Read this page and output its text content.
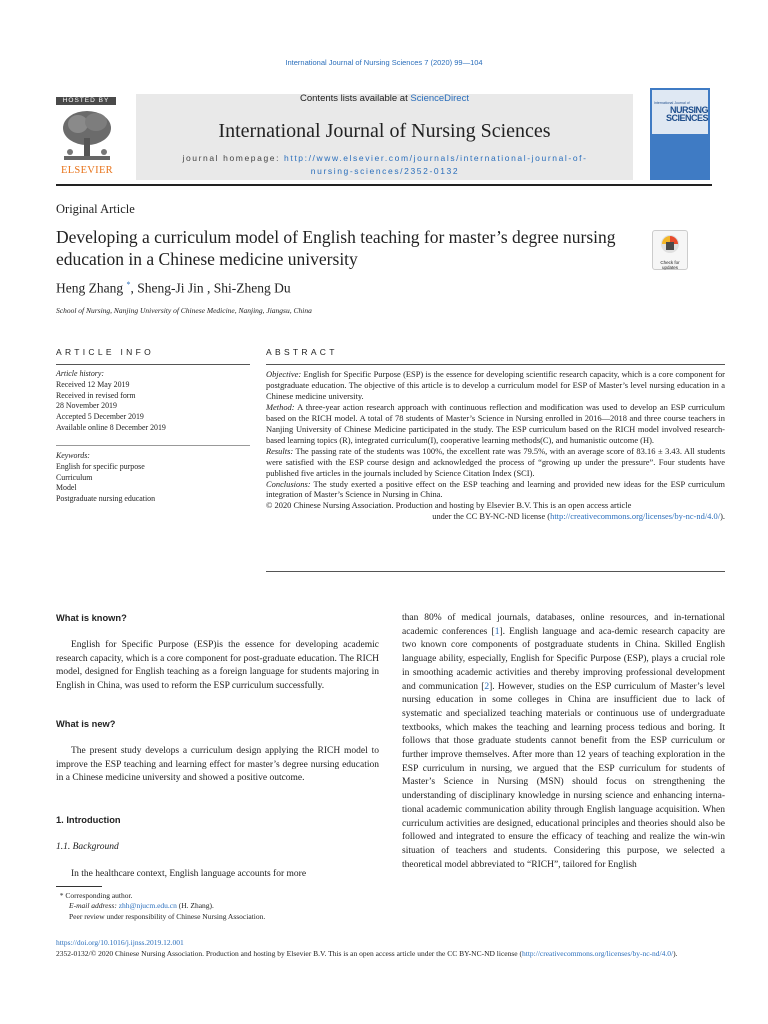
International Journal of Nursing Sciences 7 (2020) 99—104
HOSTED BY
ELSEVIER
Contents lists available at ScienceDirect
International Journal of Nursing Sciences
journal homepage: http://www.elsevier.com/journals/international-journal-of-
nursing-sciences/2352-0132
International Journal of
NURSING
SCIENCES
Original Article
Developing a curriculum model of English teaching for master’s degree nursing education in a Chinese medicine university	Check for updates
Heng Zhang *, Sheng-Ji Jin , Shi-Zheng Du
School of Nursing, Nanjing University of Chinese Medicine, Nanjing, Jiangsu, China
ARTICLE INFO	ABSTRACT
Article history:
Received 12 May 2019
Received in revised form
28 November 2019
Accepted 5 December 2019
Available online 8 December 2019
Keywords:
English for specific purpose
Curriculum
Model
Postgraduate nursing education

Objective: English for Specific Purpose (ESP) is the essence for developing scientific research capacity, which is a core component for postgraduate education. The objective of this article is to develop a curriculum model for ESP of Master’s level nursing education in a Chinese medicine university.

Method: A three-year action research approach with continuous reflection and modification was used to develop an ESP curriculum based on the RICH model. A total of 78 students of Master’s Science in Nursing enrolled in 2016—2018 and three course teachers in Nanjing University of Chinese Medicine participated in the study. The ESP curriculum based on the RICH model involved research-based learning topics (R), integrated curriculum(I), cooperative learning methods(C), and humanistic outcome (H).

Results: The passing rate of the students was 100%, the excellent rate was 79.5%, with an average score of 83.16 ± 3.43. All students were satisfied with the ESP course design and acknowledged the process of “growing up under the pressure”. Four students have published five articles in the journals included by Science Citation Index (SCI).

Conclusions: The study exerted a positive effect on the ESP teaching and learning and provided new ideas for the ESP curriculum integration of Master’s Science in Nursing in China.

© 2020 Chinese Nursing Association. Production and hosting by Elsevier B.V. This is an open access article

under the CC BY-NC-ND license (http://creativecommons.org/licenses/by-nc-nd/4.0/).

What is known?
English for Specific Purpose (ESP)is the essence for developing academic research capacity, which is a core component for post-graduate education. The RICH model, designed for English teaching as a foreign language for students majoring in English in China, was used to reform the ESP curriculum successfully.
What is new?
The present study develops a curriculum design applying the RICH model to improve the ESP teaching and learning effect for master’s degree nursing education in a Chinese medicine university and showed a positive outcome.
1. Introduction
1.1. Background
In the healthcare context, English language accounts for more
than 80% of medical journals, databases, online resources, and in-ternational academic conferences [1]. English language and aca-demic research capacity are two known core components of postgraduate students in China. Skilled English language ability, especially, English for Specific Purpose (ESP), plays a crucial role in smoothing academic activities and thereby improving professional development and communication [2]. However, studies on the ESP curriculum of Master’s level nursing education in some colleges in China are insufficient due to lack of systematic and specialized teaching materials or continuous use of undergraduate textbooks, which makes the teaching and learning process tedious and boring. It follows that those graduate students cannot benefit from the ESP curriculum or further improve themselves. After more than 12 years of teaching exploration in the ESP curriculum in nursing, we argued that the ESP curriculum for students of Master’s Science in Nursing (MSN) should focus on strengthening the understanding of disciplinary knowledge in nursing science and enhancing interna-tional academic communication ability through English language acquisition. When curriculum activities are designed, educational principles and theories should also be followed and integrated to ensure the efficacy of teaching and realize the win-win situation of teachers and students. Considering this purpose, we selected a theoretical model abbreviated to “RICH”, tailored for English
* Corresponding author.
E-mail address: zhh@njucm.edu.cn (H. Zhang).
Peer review under responsibility of Chinese Nursing Association.
https://doi.org/10.1016/j.ijnss.2019.12.001
2352-0132/© 2020 Chinese Nursing Association. Production and hosting by Elsevier B.V. This is an open access article under the CC BY-NC-ND license (http://creativecommons.org/licenses/by-nc-nd/4.0/).
